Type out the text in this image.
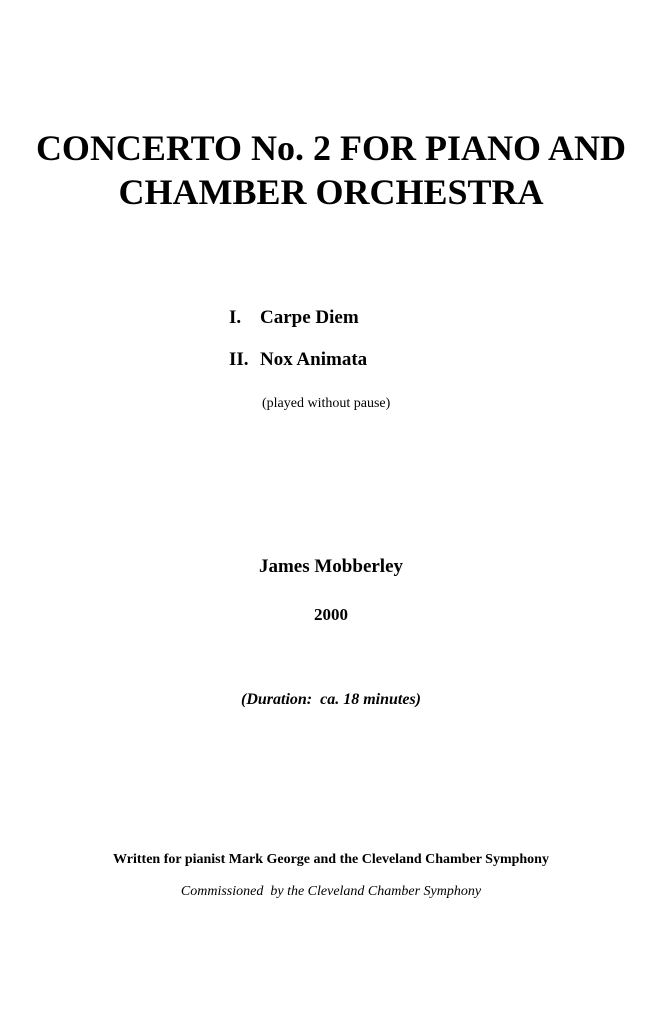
CONCERTO No. 2 FOR PIANO AND
CHAMBER ORCHESTRA
I. Carpe Diem
II. Nox Animata
(played without pause)
James Mobberley
2000
(Duration:  ca. 18 minutes)
Written for pianist Mark George and the Cleveland Chamber Symphony
Commissioned  by the Cleveland Chamber Symphony
